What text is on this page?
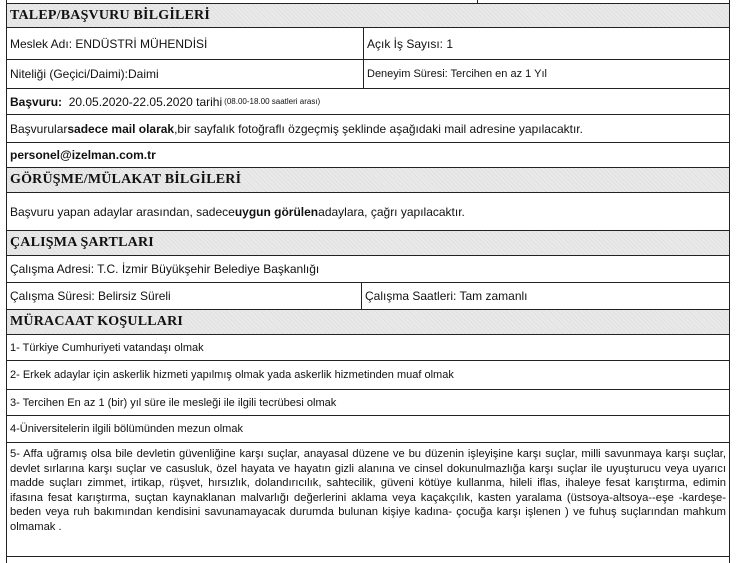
TALEP/BAŞVURU BİLGİLERİ
Meslek Adı: ENDÜSTRİ MÜHENDİSİ	Açık İş Sayısı: 1
Niteliği (Geçici/Daimi):Daimi	Deneyim Süresi: Tercihen en az 1 Yıl
Başvuru:
20.05.2020-22.05.2020 tarihi (08.00-18.00 saatleri arası)
Başvurular sadece mail olarak ,bir sayfalık fotoğraflı özgeçmiş şeklinde aşağıdaki mail adresine yapılacaktır.
personel@izelman.com.tr
GÖRÜŞME/MÜLAKAT BİLGİLERİ
Başvuru yapan adaylar arasından, sadece uygun görülen adaylara, çağrı yapılacaktır.
ÇALIŞMA ŞARTLARI
Çalışma Adresi: T.C. İzmir Büyükşehir Belediye Başkanlığı
Çalışma Süresi: Belirsiz Süreli	Çalışma Saatleri: Tam zamanlı
MÜRACAAT KOŞULLARI
1- Türkiye Cumhuriyeti vatandaşı olmak
2- Erkek adaylar için askerlik hizmeti yapılmış olmak yada askerlik hizmetinden muaf olmak
3- Tercihen En az 1 (bir) yıl süre ile mesleği ile ilgili tecrübesi olmak
4-Üniversitelerin ilgili bölümünden mezun olmak
5- Affa uğramış olsa bile devletin güvenliğine karşı suçlar, anayasal düzene ve bu düzenin işleyişine karşı suçlar, milli savunmaya karşı suçlar, devlet sırlarına karşı suçlar ve casusluk, özel hayata ve hayatın gizli alanına ve cinsel dokunulmazlığa karşı suçlar ile uyuşturucu veya uyarıcı madde suçları zimmet, irtikap, rüşvet, hırsızlık, dolandırıcılık, sahtecilik, güveni kötüye kullanma, hileli iflas, ihaleye fesat karıştırma, edimin ifasına fesat karıştırma, suçtan kaynaklanan malvarlığı değerlerini aklama veya kaçakçılık, kasten yaralama (üstsoya-altsoya--eşe -kardeşe-beden veya ruh bakımından kendisini savunamayacak durumda bulunan kişiye kadına- çocuğa karşı işlenen ) ve fuhuş suçlarından mahkum olmamak .
